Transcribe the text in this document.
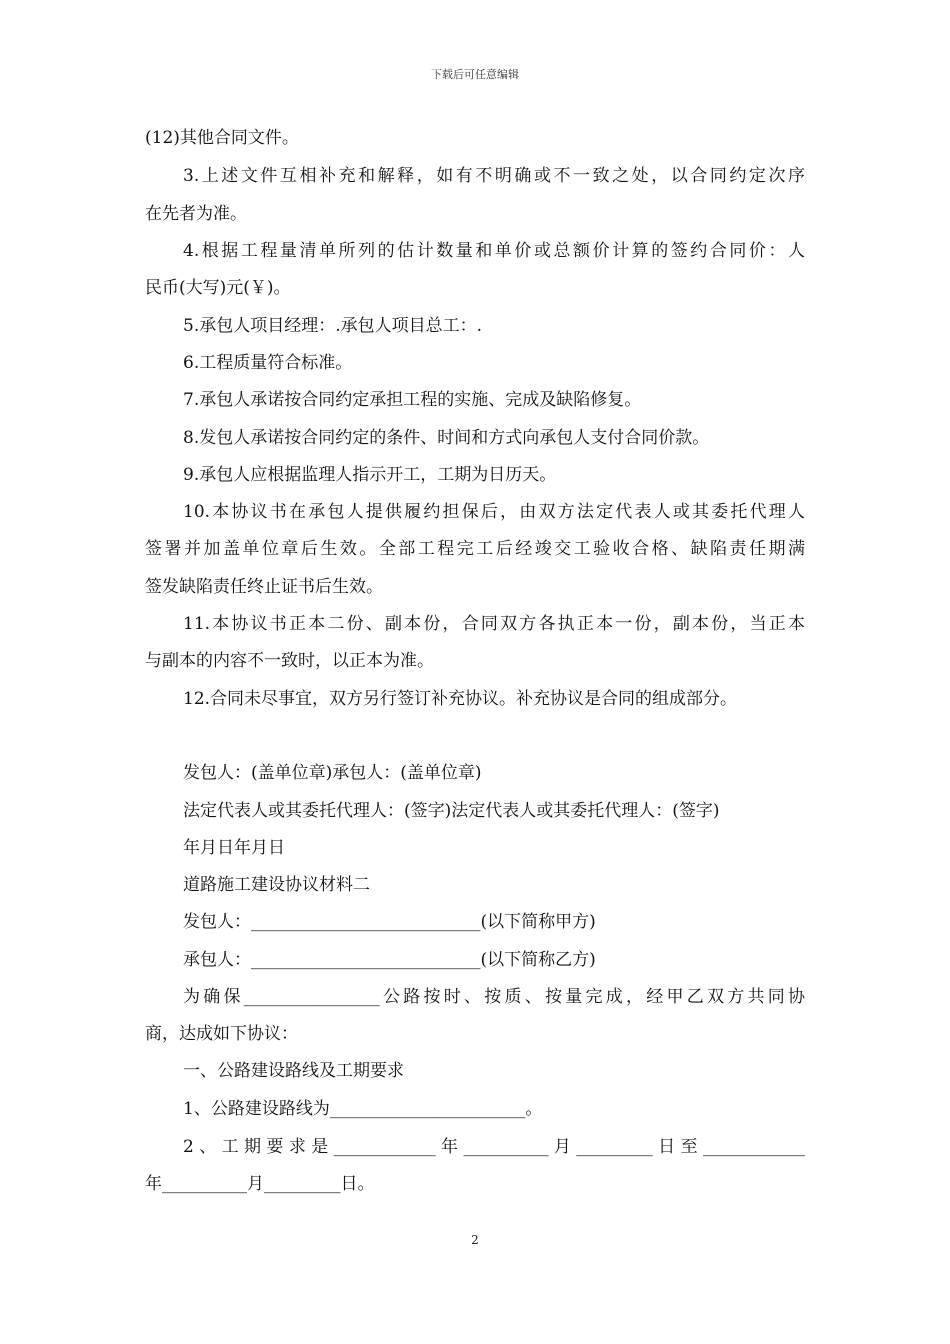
下载后可任意编辑
(12)其他合同文件。
3.上述文件互相补充和解释，如有不明确或不一致之处，以合同约定次序
在先者为准。
4.根据工程量清单所列的估计数量和单价或总额价计算的签约合同价：人
民币(大写)元(￥)。
5.承包人项目经理：.承包人项目总工：.
6.工程质量符合标准。
7.承包人承诺按合同约定承担工程的实施、完成及缺陷修复。
8.发包人承诺按合同约定的条件、时间和方式向承包人支付合同价款。
9.承包人应根据监理人指示开工，工期为日历天。
10.本协议书在承包人提供履约担保后，由双方法定代表人或其委托代理人
签署并加盖单位章后生效。全部工程完工后经竣交工验收合格、缺陷责任期满
签发缺陷责任终止证书后生效。
11.本协议书正本二份、副本份，合同双方各执正本一份，副本份，当正本
与副本的内容不一致时，以正本为准。
12.合同未尽事宜，双方另行签订补充协议。补充协议是合同的组成部分。
发包人：(盖单位章)承包人：(盖单位章)
法定代表人或其委托代理人：(签字)法定代表人或其委托代理人：(签字)
年月日年月日
道路施工建设协议材料二
发包人：___________________________(以下简称甲方)
承包人：___________________________(以下简称乙方)
为确保________________公路按时、按质、按量完成，经甲乙双方共同协
商，达成如下协议：
一、公路建设路线及工期要求
1、公路建设路线为_______________________。
2、工期要求是____________年__________月_________日至____________
年__________月_________日。
2
